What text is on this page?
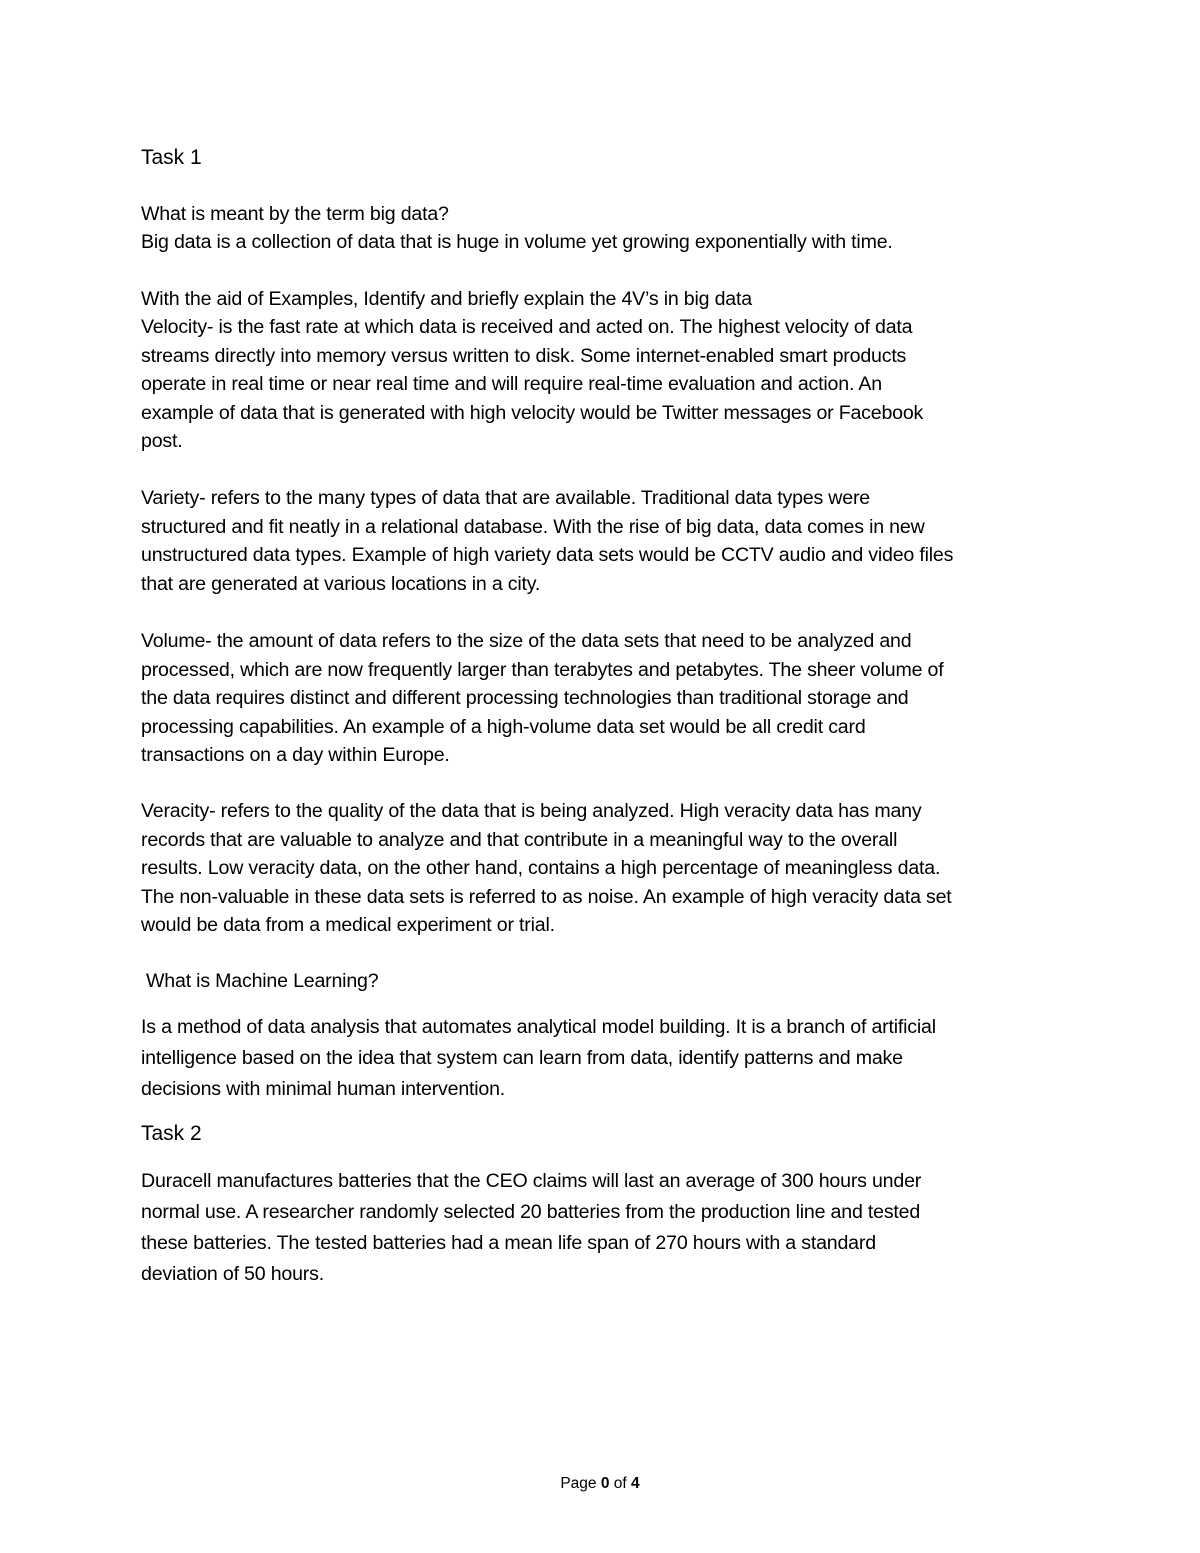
Task 1

What is meant by the term big data?

Big data is a collection of data that is huge in volume yet growing exponentially with time.

With the aid of Examples, Identify and briefly explain the 4V’s in big data

Velocity- is the fast rate at which data is received and acted on. The highest velocity of data
streams directly into memory versus written to disk. Some internet-enabled smart products
operate in real time or near real time and will require real-time evaluation and action. An
example of data that is generated with high velocity would be Twitter messages or Facebook
post.

Variety- refers to the many types of data that are available. Traditional data types were
structured and fit neatly in a relational database. With the rise of big data, data comes in new
unstructured data types. Example of high variety data sets would be CCTV audio and video files
that are generated at various locations in a city.

Volume- the amount of data refers to the size of the data sets that need to be analyzed and
processed, which are now frequently larger than terabytes and petabytes. The sheer volume of
the data requires distinct and different processing technologies than traditional storage and
processing capabilities. An example of a high-volume data set would be all credit card
transactions on a day within Europe.

Veracity- refers to the quality of the data that is being analyzed. High veracity data has many
records that are valuable to analyze and that contribute in a meaningful way to the overall
results. Low veracity data, on the other hand, contains a high percentage of meaningless data.
The non-valuable in these data sets is referred to as noise. An example of high veracity data set
would be data from a medical experiment or trial.

What is Machine Learning?

Is a method of data analysis that automates analytical model building. It is a branch of artificial
intelligence based on the idea that system can learn from data, identify patterns and make
decisions with minimal human intervention.

Task 2

Duracell manufactures batteries that the CEO claims will last an average of 300 hours under
normal use. A researcher randomly selected 20 batteries from the production line and tested
these batteries. The tested batteries had a mean life span of 270 hours with a standard
deviation of 50 hours.

Page 0 of 4
